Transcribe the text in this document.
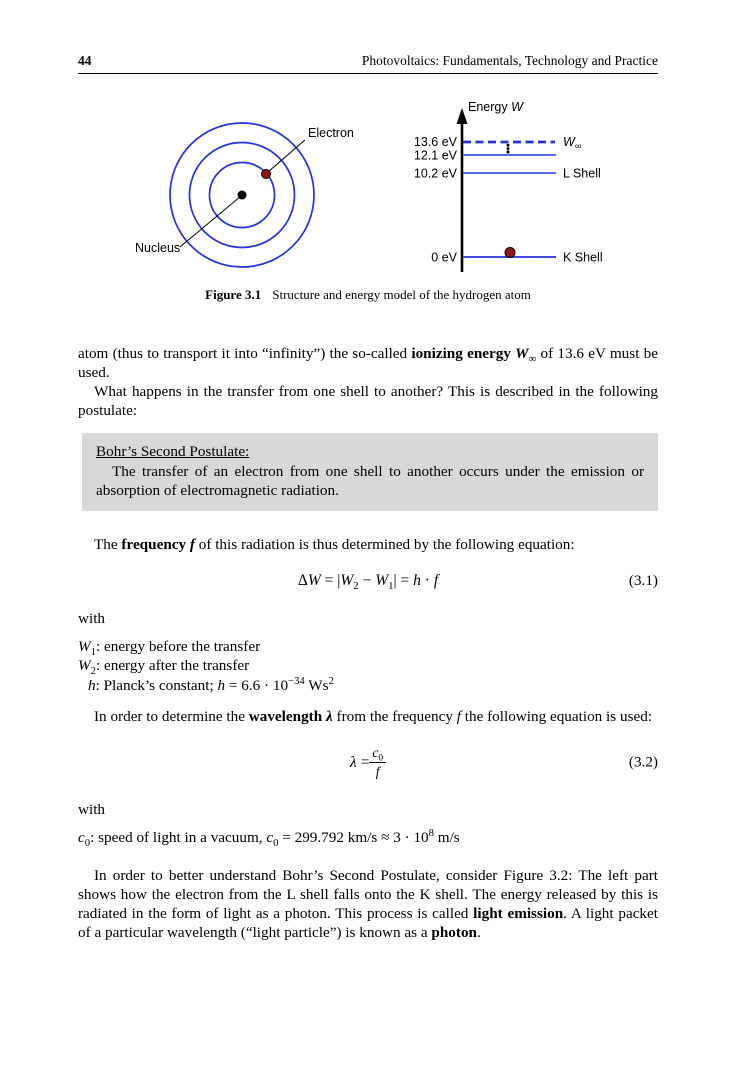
44	Photovoltaics: Fundamentals, Technology and Practice
Electron
Nucleus
Energy W
13.6 eV
12.1 eV
10.2 eV
0 eV
$W_\infty$
L Shell
K Shell
Figure 3.1 Structure and energy model of the hydrogen atom

atom (thus to transport it into “infinity”) the so-called ionizing energy $W_\infty$ of 13.6 eV must be used.

What happens in the transfer from one shell to another? This is described in the following postulate:

Bohr’s Second Postulate:

The transfer of an electron from one shell to another occurs under the emission or absorption of electromagnetic radiation.

The frequency f of this radiation is thus determined by the following equation:

$\Delta W = |W_2 - W_1| = h \cdot f$	(3.1)

with

$W_1$: energy before the transfer

$W_2$: energy after the transfer

h: Planck’s constant; $h = 6.6 \cdot 10^{-34}$ Ws$^2$

In order to determine the wavelength λ from the frequency f the following equation is used:

$\lambda = \frac{c_0}{f}$	(3.2)

with

$c_0$: speed of light in a vacuum, $c_0 = 299.792$ $km/s \approx 3 \cdot 10^8$ m/s

In order to better understand Bohr’s Second Postulate, consider Figure 3.2: The left part shows how the electron from the L shell falls onto the K shell. The energy released by this is radiated in the form of light as a photon. This process is called light emission. A light packet of a particular wavelength (“light particle”) is known as a photon.
